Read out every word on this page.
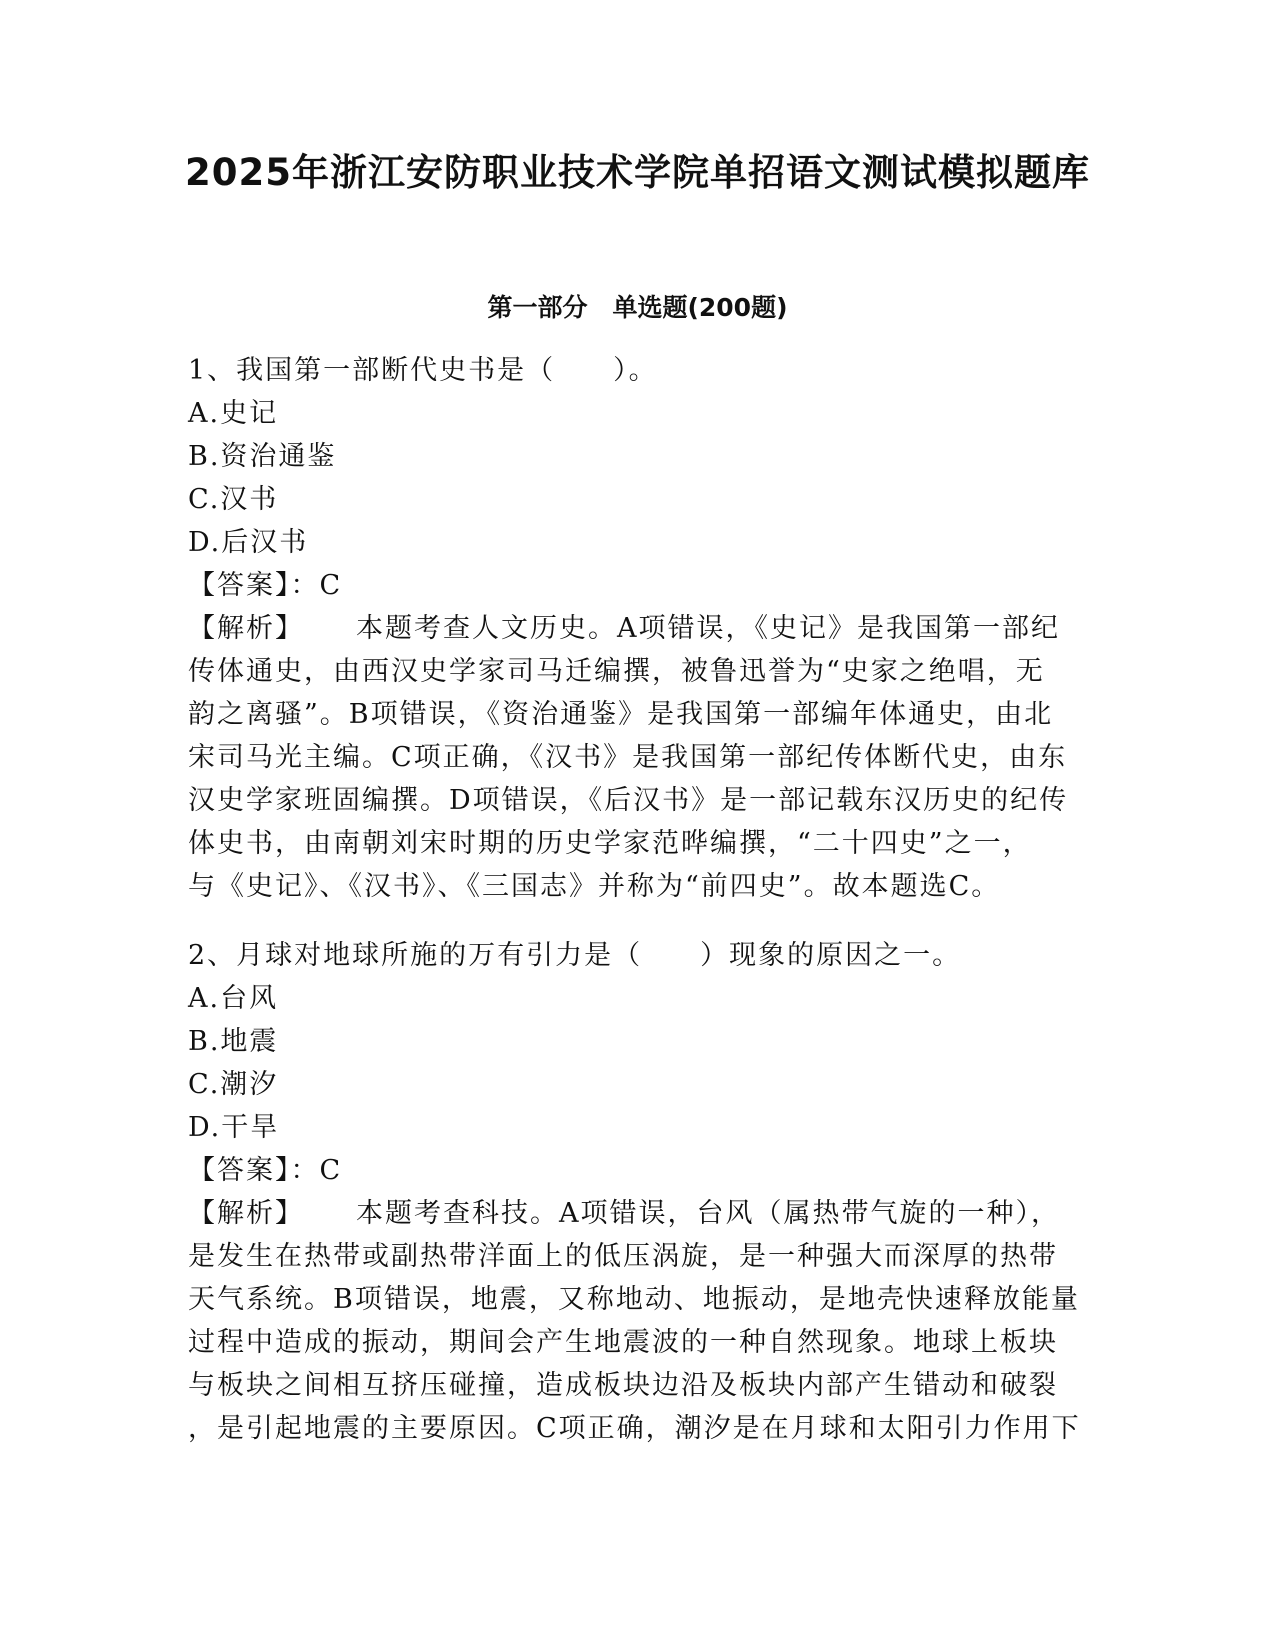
2025年浙江安防职业技术学院单招语文测试模拟题库
第一部分　单选题(200题)
1、我国第一部断代史书是（　　）。
A.史记
B.资治通鉴
C.汉书
D.后汉书
【答案】：C
【解析】 本题考查人文历史。A项错误，《史记》是我国第一部纪
传体通史，由西汉史学家司马迁编撰，被鲁迅誉为“史家之绝唱，无
韵之离骚”。B项错误，《资治通鉴》是我国第一部编年体通史，由北
宋司马光主编。C项正确，《汉书》是我国第一部纪传体断代史，由东
汉史学家班固编撰。D项错误，《后汉书》是一部记载东汉历史的纪传
体史书，由南朝刘宋时期的历史学家范晔编撰，“二十四史”之一，
与《史记》、《汉书》、《三国志》并称为“前四史”。故本题选C。
2、月球对地球所施的万有引力是（　　）现象的原因之一。
A.台风
B.地震
C.潮汐
D.干旱
【答案】：C
【解析】 本题考查科技。A项错误，台风（属热带气旋的一种），
是发生在热带或副热带洋面上的低压涡旋，是一种强大而深厚的热带
天气系统。B项错误，地震，又称地动、地振动，是地壳快速释放能量
过程中造成的振动，期间会产生地震波的一种自然现象。地球上板块
与板块之间相互挤压碰撞，造成板块边沿及板块内部产生错动和破裂
，是引起地震的主要原因。C项正确，潮汐是在月球和太阳引力作用下
